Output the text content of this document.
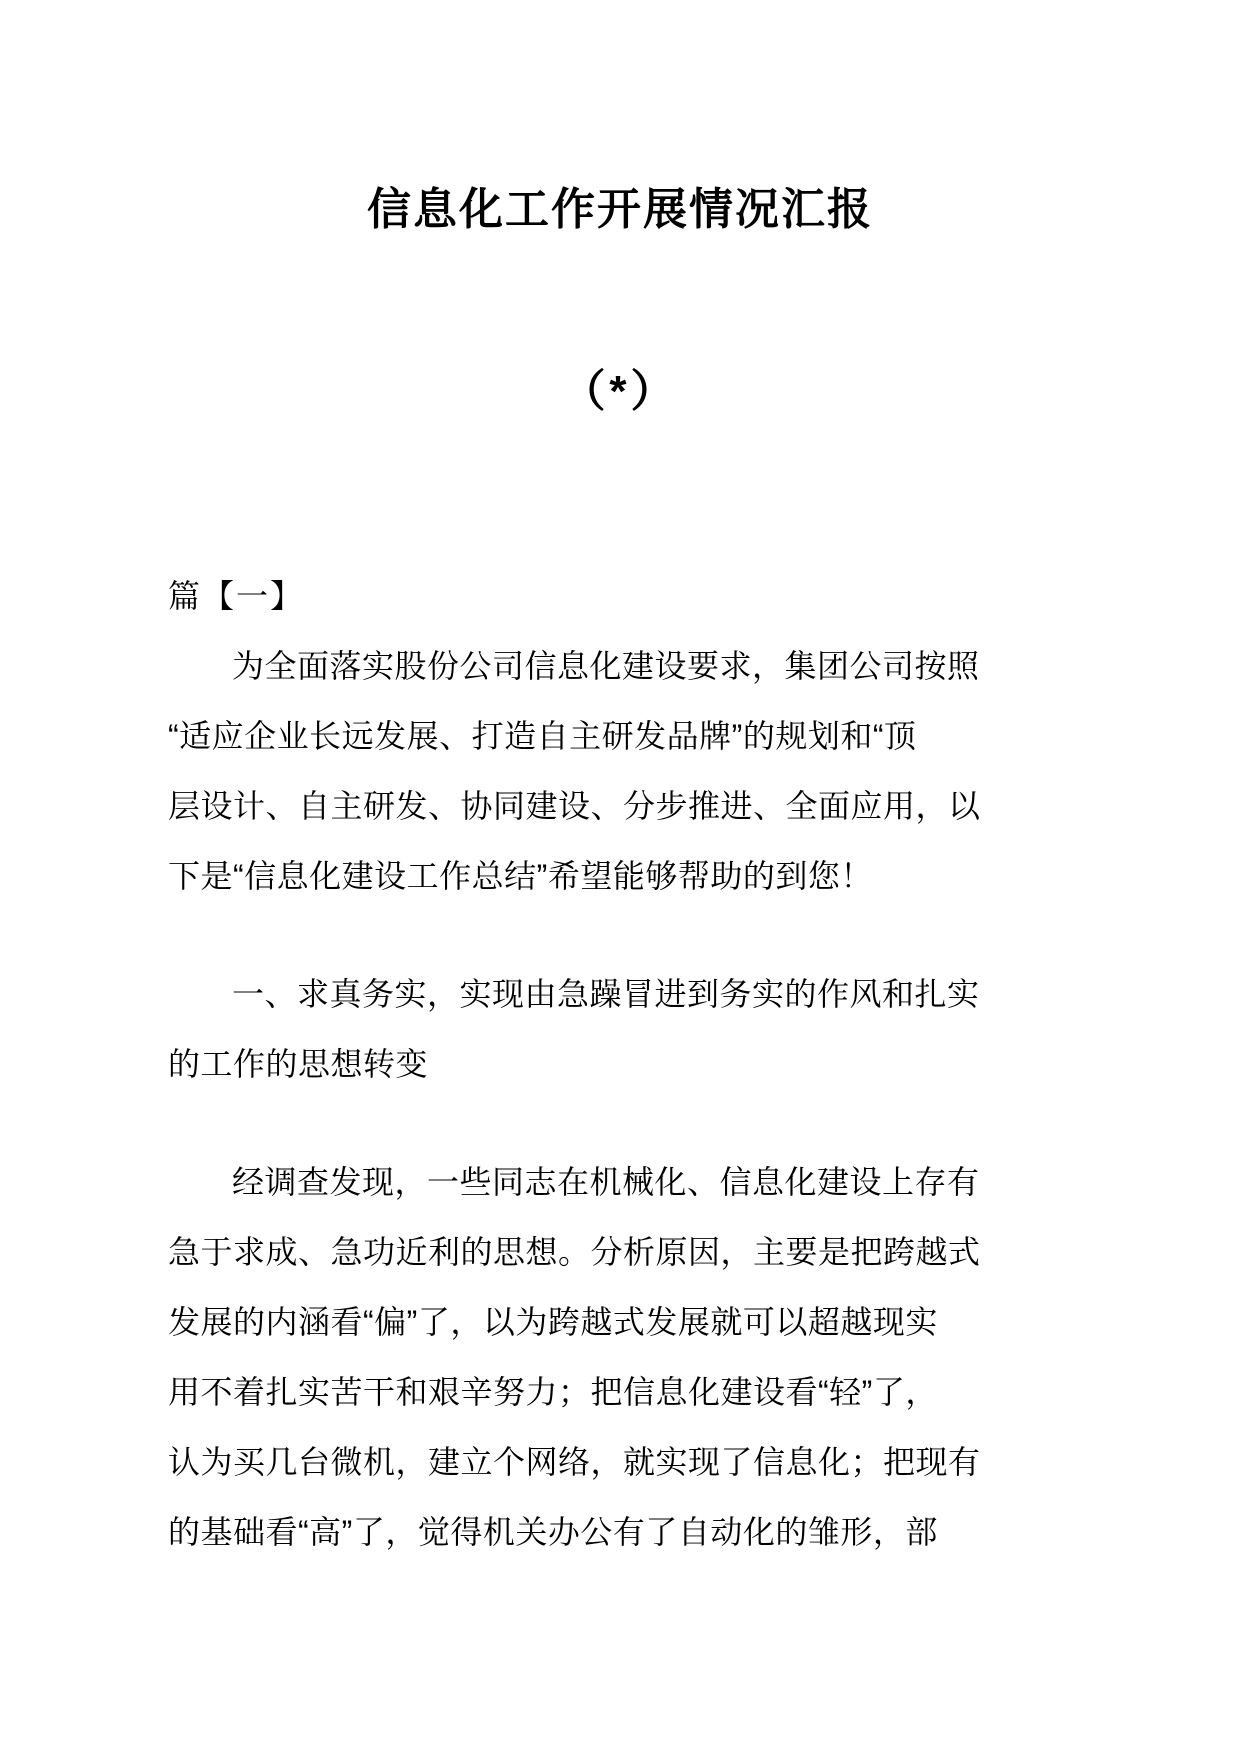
信息化工作开展情况汇报
（*）
篇【一】
为全面落实股份公司信息化建设要求，集团公司按照
“适应企业长远发展、打造自主研发品牌”的规划和“顶
层设计、自主研发、协同建设、分步推进、全面应用，以
下是“信息化建设工作总结”希望能够帮助的到您！
一、求真务实，实现由急躁冒进到务实的作风和扎实
的工作的思想转变
经调查发现，一些同志在机械化、信息化建设上存有
急于求成、急功近利的思想。分析原因，主要是把跨越式
发展的内涵看“偏”了，以为跨越式发展就可以超越现实
用不着扎实苦干和艰辛努力；把信息化建设看“轻”了，
认为买几台微机，建立个网络，就实现了信息化；把现有
的基础看“高”了，觉得机关办公有了自动化的雏形，部
